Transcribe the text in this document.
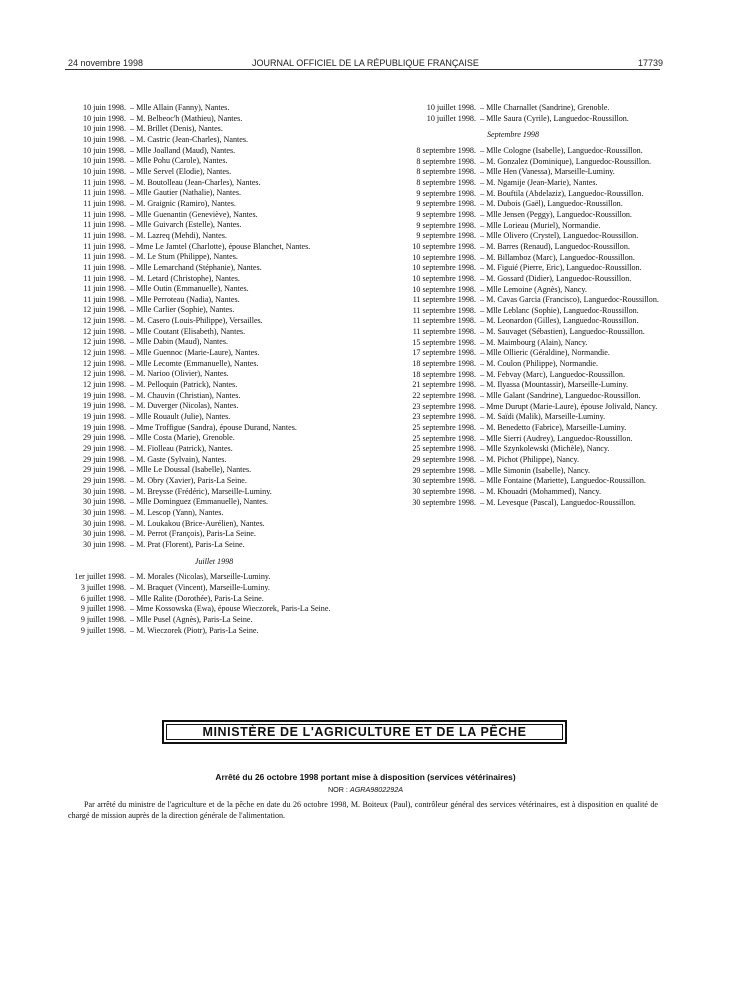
24 novembre 1998	JOURNAL OFFICIEL DE LA RÉPUBLIQUE FRANÇAISE	17739
10 juin 1998. – Mlle Allain (Fanny), Nantes.
10 juin 1998. – M. Belbeoc'h (Mathieu), Nantes.
10 juin 1998. – M. Brillet (Denis), Nantes.
10 juin 1998. – M. Castric (Jean-Charles), Nantes.
10 juin 1998. – Mlle Joalland (Maud), Nantes.
10 juin 1998. – Mlle Pohu (Carole), Nantes.
10 juin 1998. – Mlle Servel (Elodie), Nantes.
11 juin 1998. – M. Boutolleau (Jean-Charles), Nantes.
11 juin 1998. – Mlle Gautier (Nathalie), Nantes.
11 juin 1998. – M. Graignic (Ramiro), Nantes.
11 juin 1998. – Mlle Guenantin (Geneviève), Nantes.
11 juin 1998. – Mlle Guivarch (Estelle), Nantes.
11 juin 1998. – M. Lazreq (Mehdi), Nantes.
11 juin 1998. – Mme Le Jamtel (Charlotte), épouse Blanchet, Nantes.
11 juin 1998. – M. Le Stum (Philippe), Nantes.
11 juin 1998. – Mlle Lemarchand (Stéphanie), Nantes.
11 juin 1998. – M. Letard (Christophe), Nantes.
11 juin 1998. – Mlle Outin (Emmanuelle), Nantes.
11 juin 1998. – Mlle Perroteau (Nadia), Nantes.
12 juin 1998. – Mlle Carlier (Sophie), Nantes.
12 juin 1998. – M. Casero (Louis-Philippe), Versailles.
12 juin 1998. – Mlle Coutant (Elisabeth), Nantes.
12 juin 1998. – Mlle Dabin (Maud), Nantes.
12 juin 1998. – Mlle Guennoc (Marie-Laure), Nantes.
12 juin 1998. – Mlle Lecomte (Emmanuelle), Nantes.
12 juin 1998. – M. Narioo (Olivier), Nantes.
12 juin 1998. – M. Pelloquin (Patrick), Nantes.
19 juin 1998. – M. Chauvin (Christian), Nantes.
19 juin 1998. – M. Duverger (Nicolas), Nantes.
19 juin 1998. – Mlle Rouault (Julie), Nantes.
19 juin 1998. – Mme Troffigue (Sandra), épouse Durand, Nantes.
29 juin 1998. – Mlle Costa (Marie), Grenoble.
29 juin 1998. – M. Fiolleau (Patrick), Nantes.
29 juin 1998. – M. Gaste (Sylvain), Nantes.
29 juin 1998. – Mlle Le Doussal (Isabelle), Nantes.
29 juin 1998. – M. Obry (Xavier), Paris-La Seine.
30 juin 1998. – M. Breysse (Frédéric), Marseille-Luminy.
30 juin 1998. – Mlle Dominguez (Emmanuelle), Nantes.
30 juin 1998. – M. Lescop (Yann), Nantes.
30 juin 1998. – M. Loukakou (Brice-Aurélien), Nantes.
30 juin 1998. – M. Perrot (François), Paris-La Seine.
30 juin 1998. – M. Prat (Florent), Paris-La Seine.
Juillet 1998
1er juillet 1998. – M. Morales (Nicolas), Marseille-Luminy.
3 juillet 1998. – M. Braquet (Vincent), Marseille-Luminy.
6 juillet 1998. – Mlle Ralite (Dorothée), Paris-La Seine.
9 juillet 1998. – Mme Kossowska (Ewa), épouse Wieczorek, Paris-La Seine.
9 juillet 1998. – Mlle Pusel (Agnès), Paris-La Seine.
9 juillet 1998. – M. Wieczorek (Piotr), Paris-La Seine.
10 juillet 1998. – Mlle Charnallet (Sandrine), Grenoble.
10 juillet 1998. – Mlle Saura (Cyrile), Languedoc-Roussillon.
Septembre 1998
8 septembre 1998. – Mlle Cologne (Isabelle), Languedoc-Roussillon.
8 septembre 1998. – M. Gonzalez (Dominique), Languedoc-Roussillon.
8 septembre 1998. – Mlle Hen (Vanessa), Marseille-Luminy.
8 septembre 1998. – M. Ngamije (Jean-Marie), Nantes.
9 septembre 1998. – M. Bouftila (Abdelaziz), Languedoc-Roussillon.
9 septembre 1998. – M. Dubois (Gaël), Languedoc-Roussillon.
9 septembre 1998. – Mlle Jensen (Peggy), Languedoc-Roussillon.
9 septembre 1998. – Mlle Lorieau (Muriel), Normandie.
9 septembre 1998. – Mlle Olivero (Crystel), Languedoc-Roussillon.
10 septembre 1998. – M. Barres (Renaud), Languedoc-Roussillon.
10 septembre 1998. – M. Billamboz (Marc), Languedoc-Roussillon.
10 septembre 1998. – M. Figuié (Pierre, Eric), Languedoc-Roussillon.
10 septembre 1998. – M. Gossard (Didier), Languedoc-Roussillon.
10 septembre 1998. – Mlle Lemoine (Agnès), Nancy.
11 septembre 1998. – M. Cavas Garcia (Francisco), Languedoc-Roussillon.
11 septembre 1998. – Mlle Leblanc (Sophie), Languedoc-Roussillon.
11 septembre 1998. – M. Leonardon (Gilles), Languedoc-Roussillon.
11 septembre 1998. – M. Sauvaget (Sébastien), Languedoc-Roussillon.
15 septembre 1998. – M. Maimbourg (Alain), Nancy.
17 septembre 1998. – Mlle Ollieric (Géraldine), Normandie.
18 septembre 1998. – M. Coulon (Philippe), Normandie.
18 septembre 1998. – M. Febvay (Marc), Languedoc-Roussillon.
21 septembre 1998. – M. Ilyassa (Mountassir), Marseille-Luminy.
22 septembre 1998. – Mlle Galant (Sandrine), Languedoc-Roussillon.
23 septembre 1998. – Mme Durupt (Marie-Laure), épouse Jolivald, Nancy.
23 septembre 1998. – M. Saïdi (Malik), Marseille-Luminy.
25 septembre 1998. – M. Benedetto (Fabrice), Marseille-Luminy.
25 septembre 1998. – Mlle Sierri (Audrey), Languedoc-Roussillon.
25 septembre 1998. – Mlle Szynkolewski (Michèle), Nancy.
29 septembre 1998. – M. Pichot (Philippe), Nancy.
29 septembre 1998. – Mlle Simonin (Isabelle), Nancy.
30 septembre 1998. – Mlle Fontaine (Mariette), Languedoc-Roussillon.
30 septembre 1998. – M. Khouadri (Mohammed), Nancy.
30 septembre 1998. – M. Levesque (Pascal), Languedoc-Roussillon.
MINISTÈRE DE L'AGRICULTURE ET DE LA PÊCHE
Arrêté du 26 octobre 1998 portant mise à disposition (services vétérinaires)
NOR : AGRA9802292A
Par arrêté du ministre de l'agriculture et de la pêche en date du 26 octobre 1998, M. Boiteux (Paul), contrôleur général des services vétérinaires, est à disposition en qualité de chargé de mission auprès de la direction générale de l'alimentation.
